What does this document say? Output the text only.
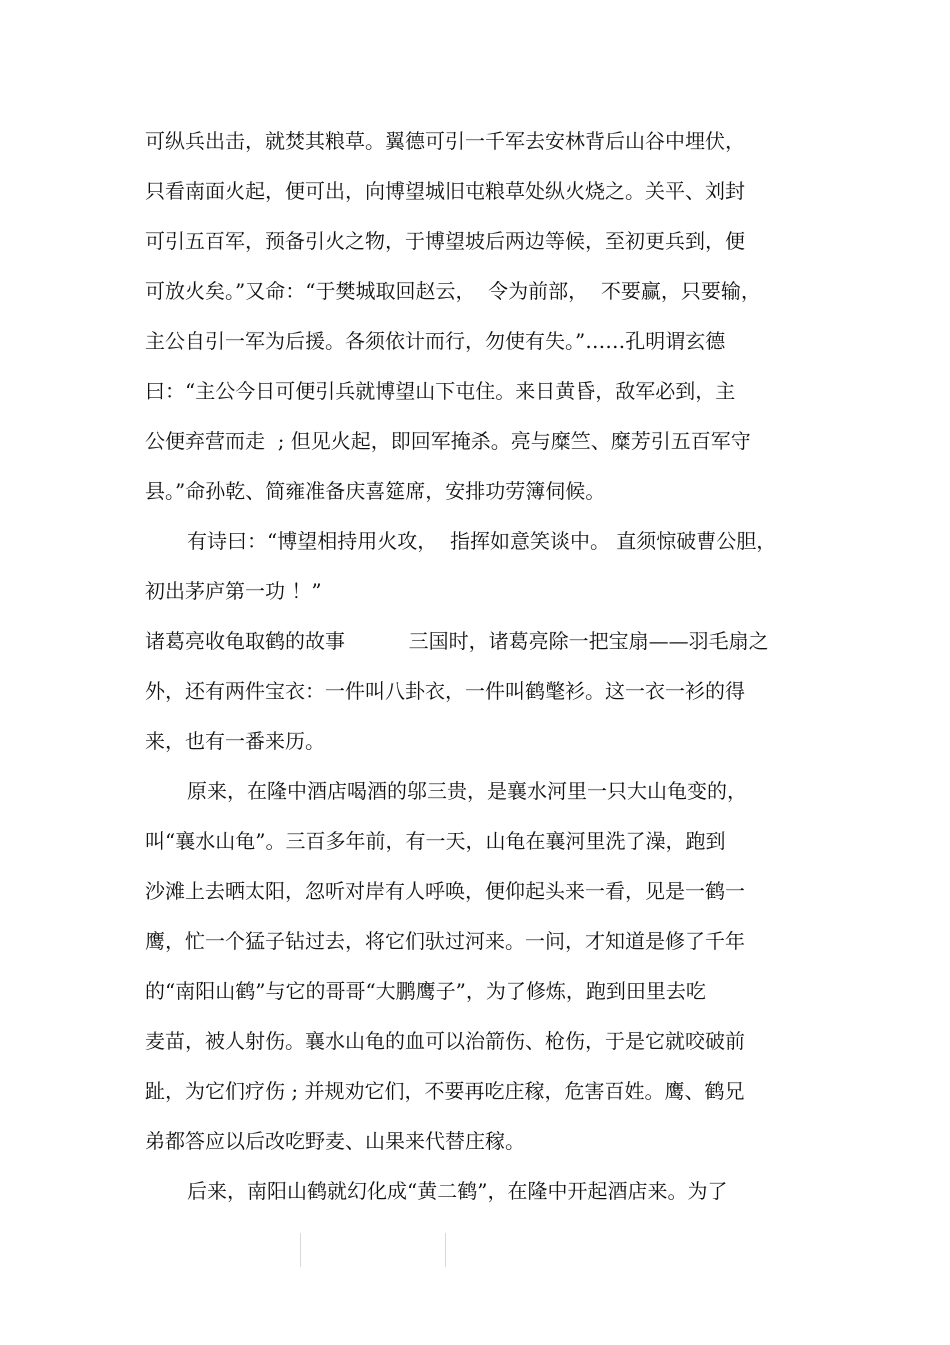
可纵兵出击，就焚其粮草。翼德可引一千军去安林背后山谷中埋伏，
只看南面火起，便可出，向博望城旧屯粮草处纵火烧之。关平、刘封
可引五百军，预备引火之物，于博望坡后两边等候，至初更兵到，便
可放火矣。”又命：“于樊城取回赵云，  令为前部，  不要赢，只要输，
主公自引一军为后援。各须依计而行，勿使有失。”……孔明谓玄德
曰：“主公今日可便引兵就博望山下屯住。来日黄昏，敌军必到，主
公便弃营而走  ; 但见火起，即回军掩杀。亮与糜竺、糜芳引五百军守
县。”命孙乾、简雍准备庆喜筵席，安排功劳簿伺候。
有诗曰：“博望相持用火攻，  指挥如意笑谈中。 直须惊破曹公胆，
初出茅庐第一功 ！”
诸葛亮收龟取鹤的故事          三国时，诸葛亮除一把宝扇——羽毛扇之
外，还有两件宝衣：一件叫八卦衣，一件叫鹤氅衫。这一衣一衫的得
来，也有一番来历。
原来，在隆中酒店喝酒的邬三贵，是襄水河里一只大山龟变的，
叫“襄水山龟”。三百多年前，有一天，山龟在襄河里洗了澡，跑到
沙滩上去晒太阳，忽听对岸有人呼唤，便仰起头来一看，见是一鹤一
鹰，忙一个猛子钻过去，将它们驮过河来。一问，才知道是修了千年
的“南阳山鹤”与它的哥哥“大鹏鹰子”，为了修炼，跑到田里去吃
麦苗，被人射伤。襄水山龟的血可以治箭伤、枪伤，于是它就咬破前
趾，为它们疗伤 ; 并规劝它们，不要再吃庄稼，危害百姓。鹰、鹤兄
弟都答应以后改吃野麦、山果来代替庄稼。
后来，南阳山鹤就幻化成“黄二鹤”，在隆中开起酒店来。为了
